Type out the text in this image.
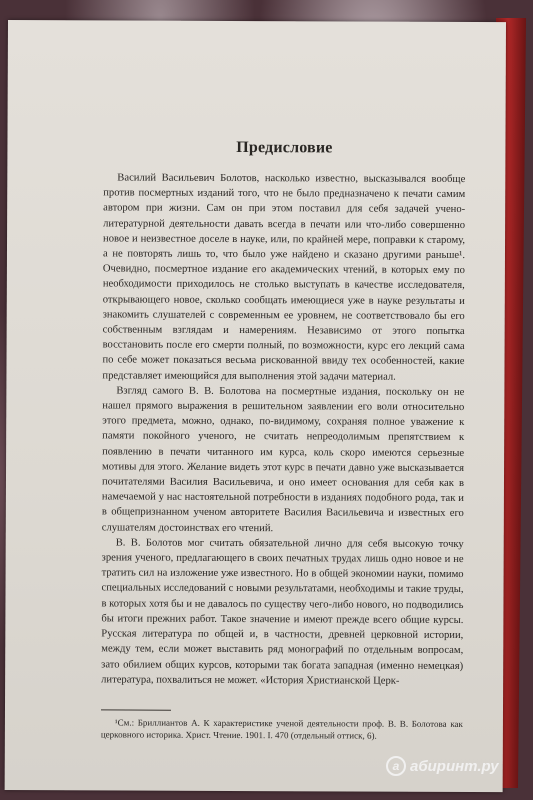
Предисловие

Василий Васильевич Болотов, насколько известно, высказывался вообще против посмертных изданий того, что не было предназначено к печати самим автором при жизни. Сам он при этом поставил для себя задачей учено-литературной деятельности давать всегда в печати или что-либо совершенно новое и неизвестное доселе в науке, или, по крайней мере, поправки к старому, а не повторять лишь то, что было уже найдено и сказано другими раньше¹. Очевидно, посмертное издание его академических чтений, в которых ему по необходимости приходилось не столько выступать в качестве исследователя, открывающего новое, сколько сообщать имеющиеся уже в науке результаты и знакомить слушателей с современным ее уровнем, не соответствовало бы его собственным взглядам и намерениям. Независимо от этого попытка восстановить после его смерти полный, по возможности, курс его лекций сама по себе может показаться весьма рискованной ввиду тех особенностей, какие представляет имеющийся для выполнения этой задачи материал.

Взгляд самого В. В. Болотова на посмертные издания, поскольку он не нашел прямого выражения в решительном заявлении его воли относительно этого предмета, можно, однако, по-видимому, сохраняя полное уважение к памяти покойного ученого, не считать непреодолимым препятствием к появлению в печати читанного им курса, коль скоро имеются серьезные мотивы для этого. Желание видеть этот курс в печати давно уже высказывается почитателями Василия Васильевича, и оно имеет основания для себя как в намечаемой у нас настоятельной потребности в изданиях подобного рода, так и в общепризнанном ученом авторитете Василия Васильевича и известных его слушателям достоинствах его чтений.

В. В. Болотов мог считать обязательной лично для себя высокую точку зрения ученого, предлагающего в своих печатных трудах лишь одно новое и не тратить сил на изложение уже известного. Но в общей экономии науки, помимо специальных исследований с новыми результатами, необходимы и такие труды, в которых хотя бы и не давалось по существу чего-либо нового, но подводились бы итоги прежних работ. Такое значение и имеют прежде всего общие курсы. Русская литература по общей и, в частности, древней церковной истории, между тем, если может выставить ряд монографий по отдельным вопросам, зато обилием общих курсов, которыми так богата западная (именно немецкая) литература, похвалиться не может. «История Христианской Церк-

¹См.: Бриллиантов А. К характеристике ученой деятельности проф. В. В. Болотова как церковного историка. Христ. Чтение. 1901. I. 470 (отдельный оттиск, 6).

a абиринт.ру
